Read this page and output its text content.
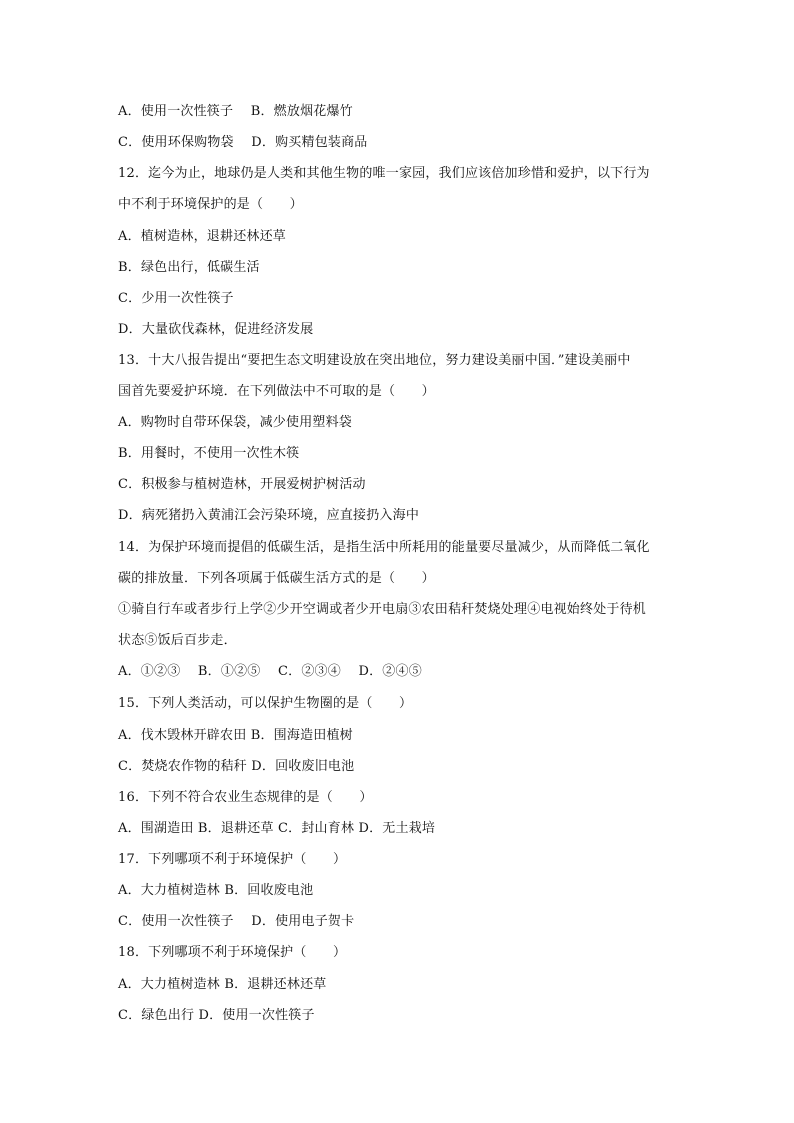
A．使用一次性筷子　 B．燃放烟花爆竹
C．使用环保购物袋　 D．购买精包装商品
12．迄今为止，地球仍是人类和其他生物的唯一家园，我们应该倍加珍惜和爱护，以下行为
中不利于环境保护的是（　　）
A．植树造林，退耕还林还草
B．绿色出行，低碳生活
C．少用一次性筷子
D．大量砍伐森林，促进经济发展
13．十大八报告提出“要把生态文明建设放在突出地位，努力建设美丽中国．”建设美丽中
国首先要爱护环境．在下列做法中不可取的是（　　）
A．购物时自带环保袋，减少使用塑料袋
B．用餐时，不使用一次性木筷
C．积极参与植树造林，开展爱树护树活动
D．病死猪扔入黄浦江会污染环境，应直接扔入海中
14．为保护环境而提倡的低碳生活，是指生活中所耗用的能量要尽量减少，从而降低二氧化
碳的排放量．下列各项属于低碳生活方式的是（　　）
①骑自行车或者步行上学②少开空调或者少开电扇③农田秸秆焚烧处理④电视始终处于待机
状态⑤饭后百步走．
A．①②③　 B．①②⑤　 C．②③④　 D．②④⑤
15．下列人类活动，可以保护生物圈的是（　　）
A．伐木毁林开辟农田 B．围海造田植树
C．焚烧农作物的秸秆 D．回收废旧电池
16．下列不符合农业生态规律的是（　　）
A．围湖造田 B．退耕还草 C．封山育林 D．无土栽培
17．下列哪项不利于环境保护（　　）
A．大力植树造林 B．回收废电池
C．使用一次性筷子　 D．使用电子贺卡
18．下列哪项不利于环境保护（　　）
A．大力植树造林 B．退耕还林还草
C．绿色出行 D．使用一次性筷子
